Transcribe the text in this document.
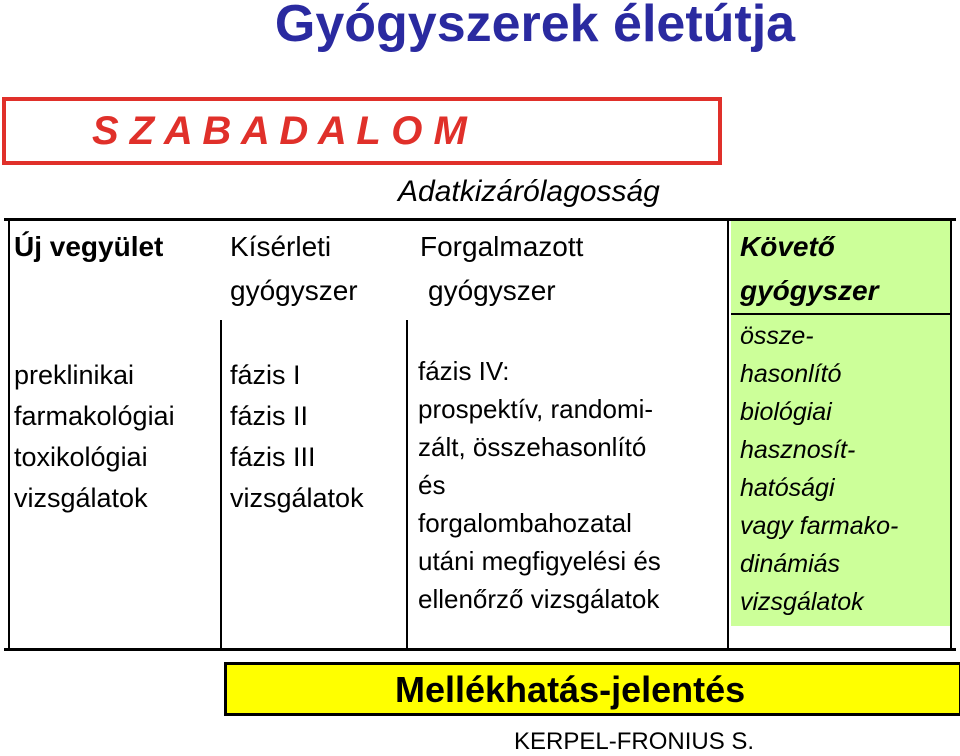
Gyógyszerek életútja
S Z A B A D A L O M
Adatkizárólagosság
Új vegyület Kísérleti
gyógyszer
Forgalmazott
gyógyszer
Követő
gyógyszer
preklinikai
farmakológiai
toxikológiai
vizsgálatok
fázis I
fázis II
fázis III
vizsgálatok
fázis IV:
prospektív, randomi-
zált, összehasonlító
és
forgalombahozatal
utáni megfigyelési és
ellenőrző vizsgálatok
össze-
hasonlító
biológiai
hasznosít-
hatósági
vagy farmako-
dinámiás
vizsgálatok
Mellékhatás-jelentés
KERPEL-FRONIUS S.
